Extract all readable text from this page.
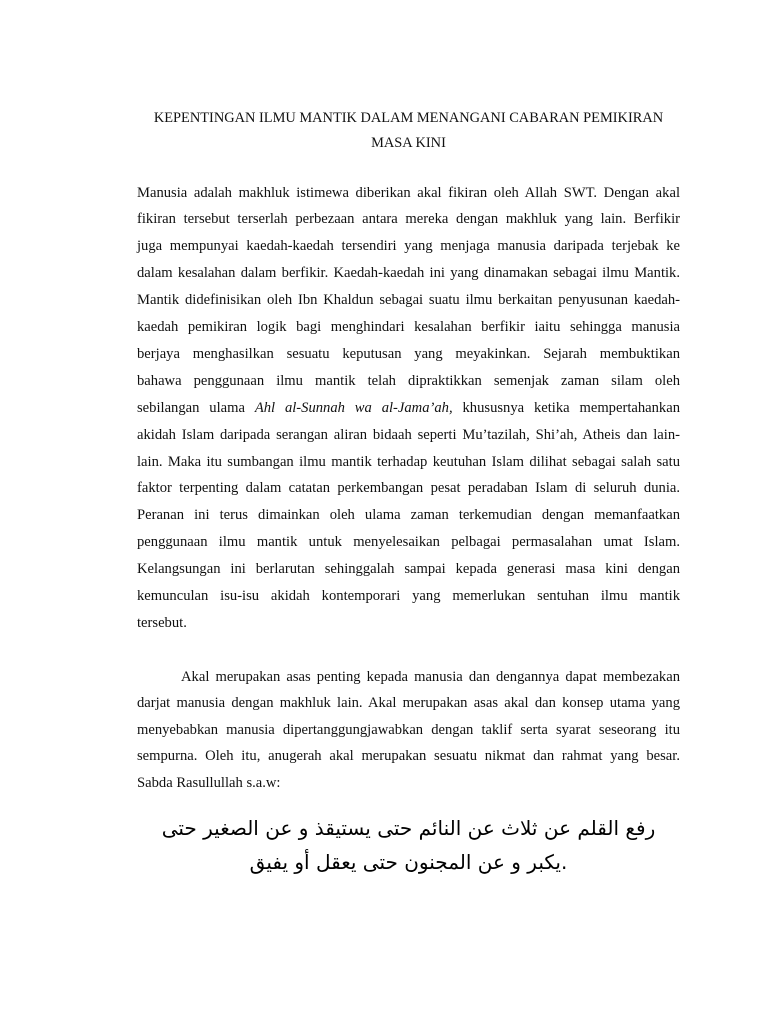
KEPENTINGAN ILMU MANTIK DALAM MENANGANI CABARAN PEMIKIRAN
MASA KINI
Manusia adalah makhluk istimewa diberikan akal fikiran oleh Allah SWT. Dengan akal
fikiran tersebut terserlah perbezaan antara mereka dengan makhluk yang lain. Berfikir
juga mempunyai kaedah-kaedah tersendiri yang menjaga manusia daripada terjebak ke
dalam kesalahan dalam berfikir. Kaedah-kaedah ini yang dinamakan sebagai ilmu Mantik.
Mantik didefinisikan oleh Ibn Khaldun sebagai suatu ilmu berkaitan penyusunan kaedah-
kaedah pemikiran logik bagi menghindari kesalahan berfikir iaitu sehingga manusia
berjaya menghasilkan sesuatu keputusan yang meyakinkan. Sejarah membuktikan
bahawa penggunaan ilmu mantik telah dipraktikkan semenjak zaman silam oleh
sebilangan ulama Ahl al-Sunnah wa al-Jama’ah, khususnya ketika mempertahankan
akidah Islam daripada serangan aliran bidaah seperti Mu’tazilah, Shi’ah, Atheis dan lain-
lain. Maka itu sumbangan ilmu mantik terhadap keutuhan Islam dilihat sebagai salah satu
faktor terpenting dalam catatan perkembangan pesat peradaban Islam di seluruh dunia.
Peranan ini terus dimainkan oleh ulama zaman terkemudian dengan memanfaatkan
penggunaan ilmu mantik untuk menyelesaikan pelbagai permasalahan umat Islam.
Kelangsungan ini berlarutan sehinggalah sampai kepada generasi masa kini dengan
kemunculan isu-isu akidah kontemporari yang memerlukan sentuhan ilmu mantik
tersebut.
Akal merupakan asas penting kepada manusia dan dengannya dapat membezakan
darjat manusia dengan makhluk lain. Akal merupakan asas akal dan konsep utama yang
menyebabkan manusia dipertanggungjawabkan dengan taklif serta syarat seseorang itu
sempurna. Oleh itu, anugerah akal merupakan sesuatu nikmat dan rahmat yang besar.
Sabda Rasullullah s.a.w:
رفع القلم عن ثلاث عن النائم حتى يستيقذ و عن الصغير حتى
يكبر و عن المجنون حتى يعقل أو يفيق.
